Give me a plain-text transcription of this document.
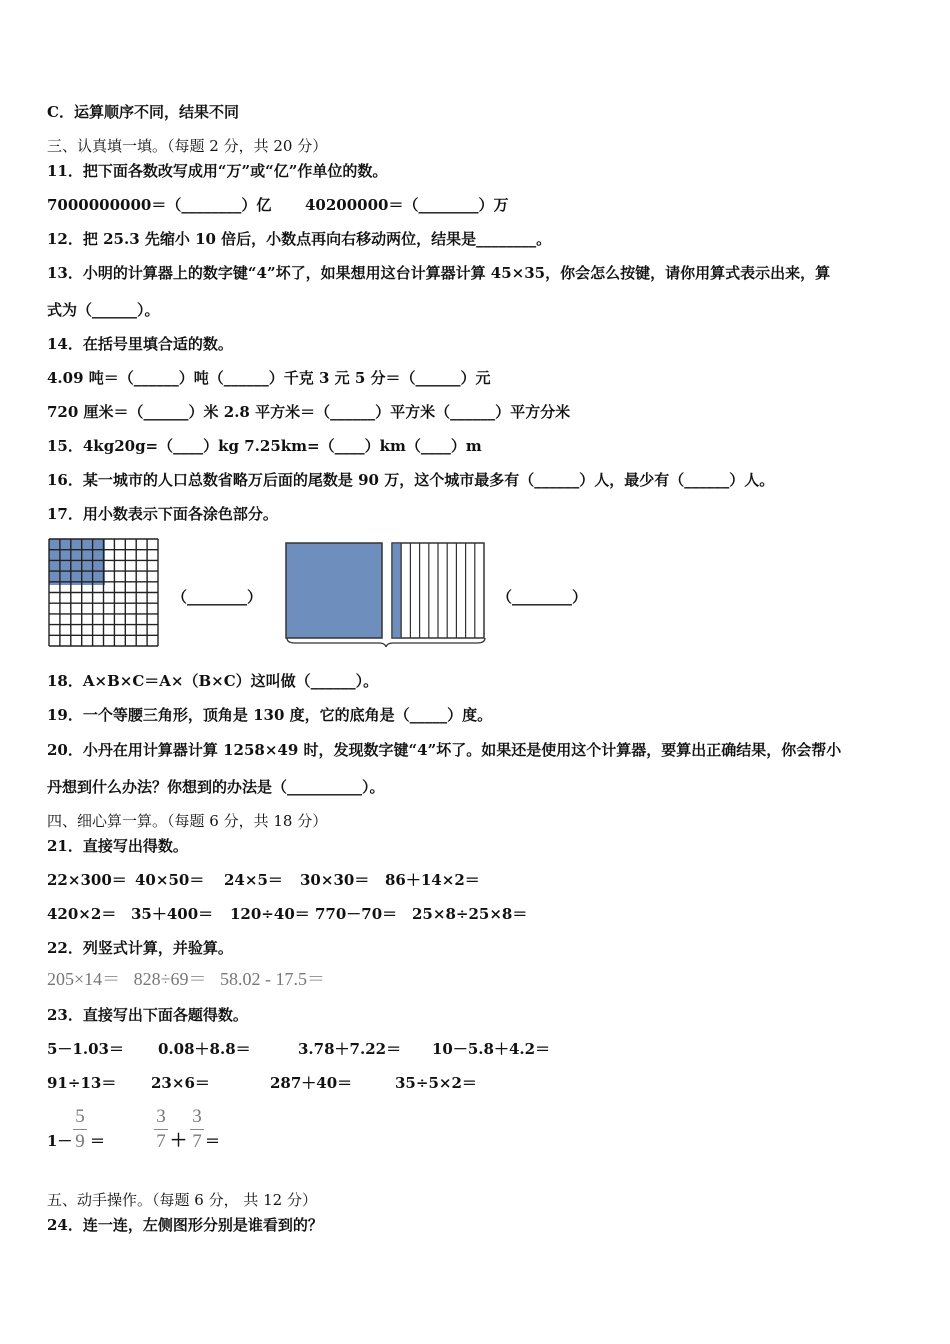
C．运算顺序不同，结果不同
三、认真填一填。（每题 2 分，共 20 分）
11．把下面各数改写成用“万”或“亿”作单位的数。
7000000000＝（________）亿 40200000＝（________）万
12．把 25.3 先缩小 10 倍后，小数点再向右移动两位，结果是________。
13．小明的计算器上的数字键“4”坏了，如果想用这台计算器计算 45×35，你会怎么按键，请你用算式表示出来，算
式为（______）。
14．在括号里填合适的数。
4.09 吨＝（______）吨（______）千克 3 元 5 分＝（______）元
720 厘米＝（______）米 2.8 平方米＝（______）平方米（______）平方分米
15．4kg20g=（____）kg 7.25km=（____）km（____）m
16．某一城市的人口总数省略万后面的尾数是 90 万，这个城市最多有（______）人，最少有（______）人。
17．用小数表示下面各涂色部分。
（________）	（________）
18．A×B×C＝A×（B×C）这叫做（______）。
19．一个等腰三角形，顶角是 130 度，它的底角是（_____）度。
20．小丹在用计算器计算 1258×49 时，发现数字键“4”坏了。如果还是使用这个计算器，要算出正确结果，你会帮小
丹想到什么办法？你想到的办法是（__________）。
四、细心算一算。（每题 6 分，共 18 分）
21．直接写出得数。
22×300＝ 40×50＝ 24×5＝ 30×30＝ 86＋14×2＝
420×2＝ 35＋400＝ 120÷40＝ 770－70＝ 25×8÷25×8＝
22．列竖式计算，并验算。
205×14＝   828÷69＝   58.02 - 17.5＝
23．直接写出下面各题得数。
5－1.03＝ 0.08＋8.8＝	3.78＋7.22＝ 10－5.8＋4.2＝
91÷13＝ 23×6＝	287＋40＝	35÷5×2＝
1－
5
9 ＝
3
7 ＋
3
7 ＝
五、动手操作。（每题 6 分， 共 12 分）
24．连一连，左侧图形分别是谁看到的？
